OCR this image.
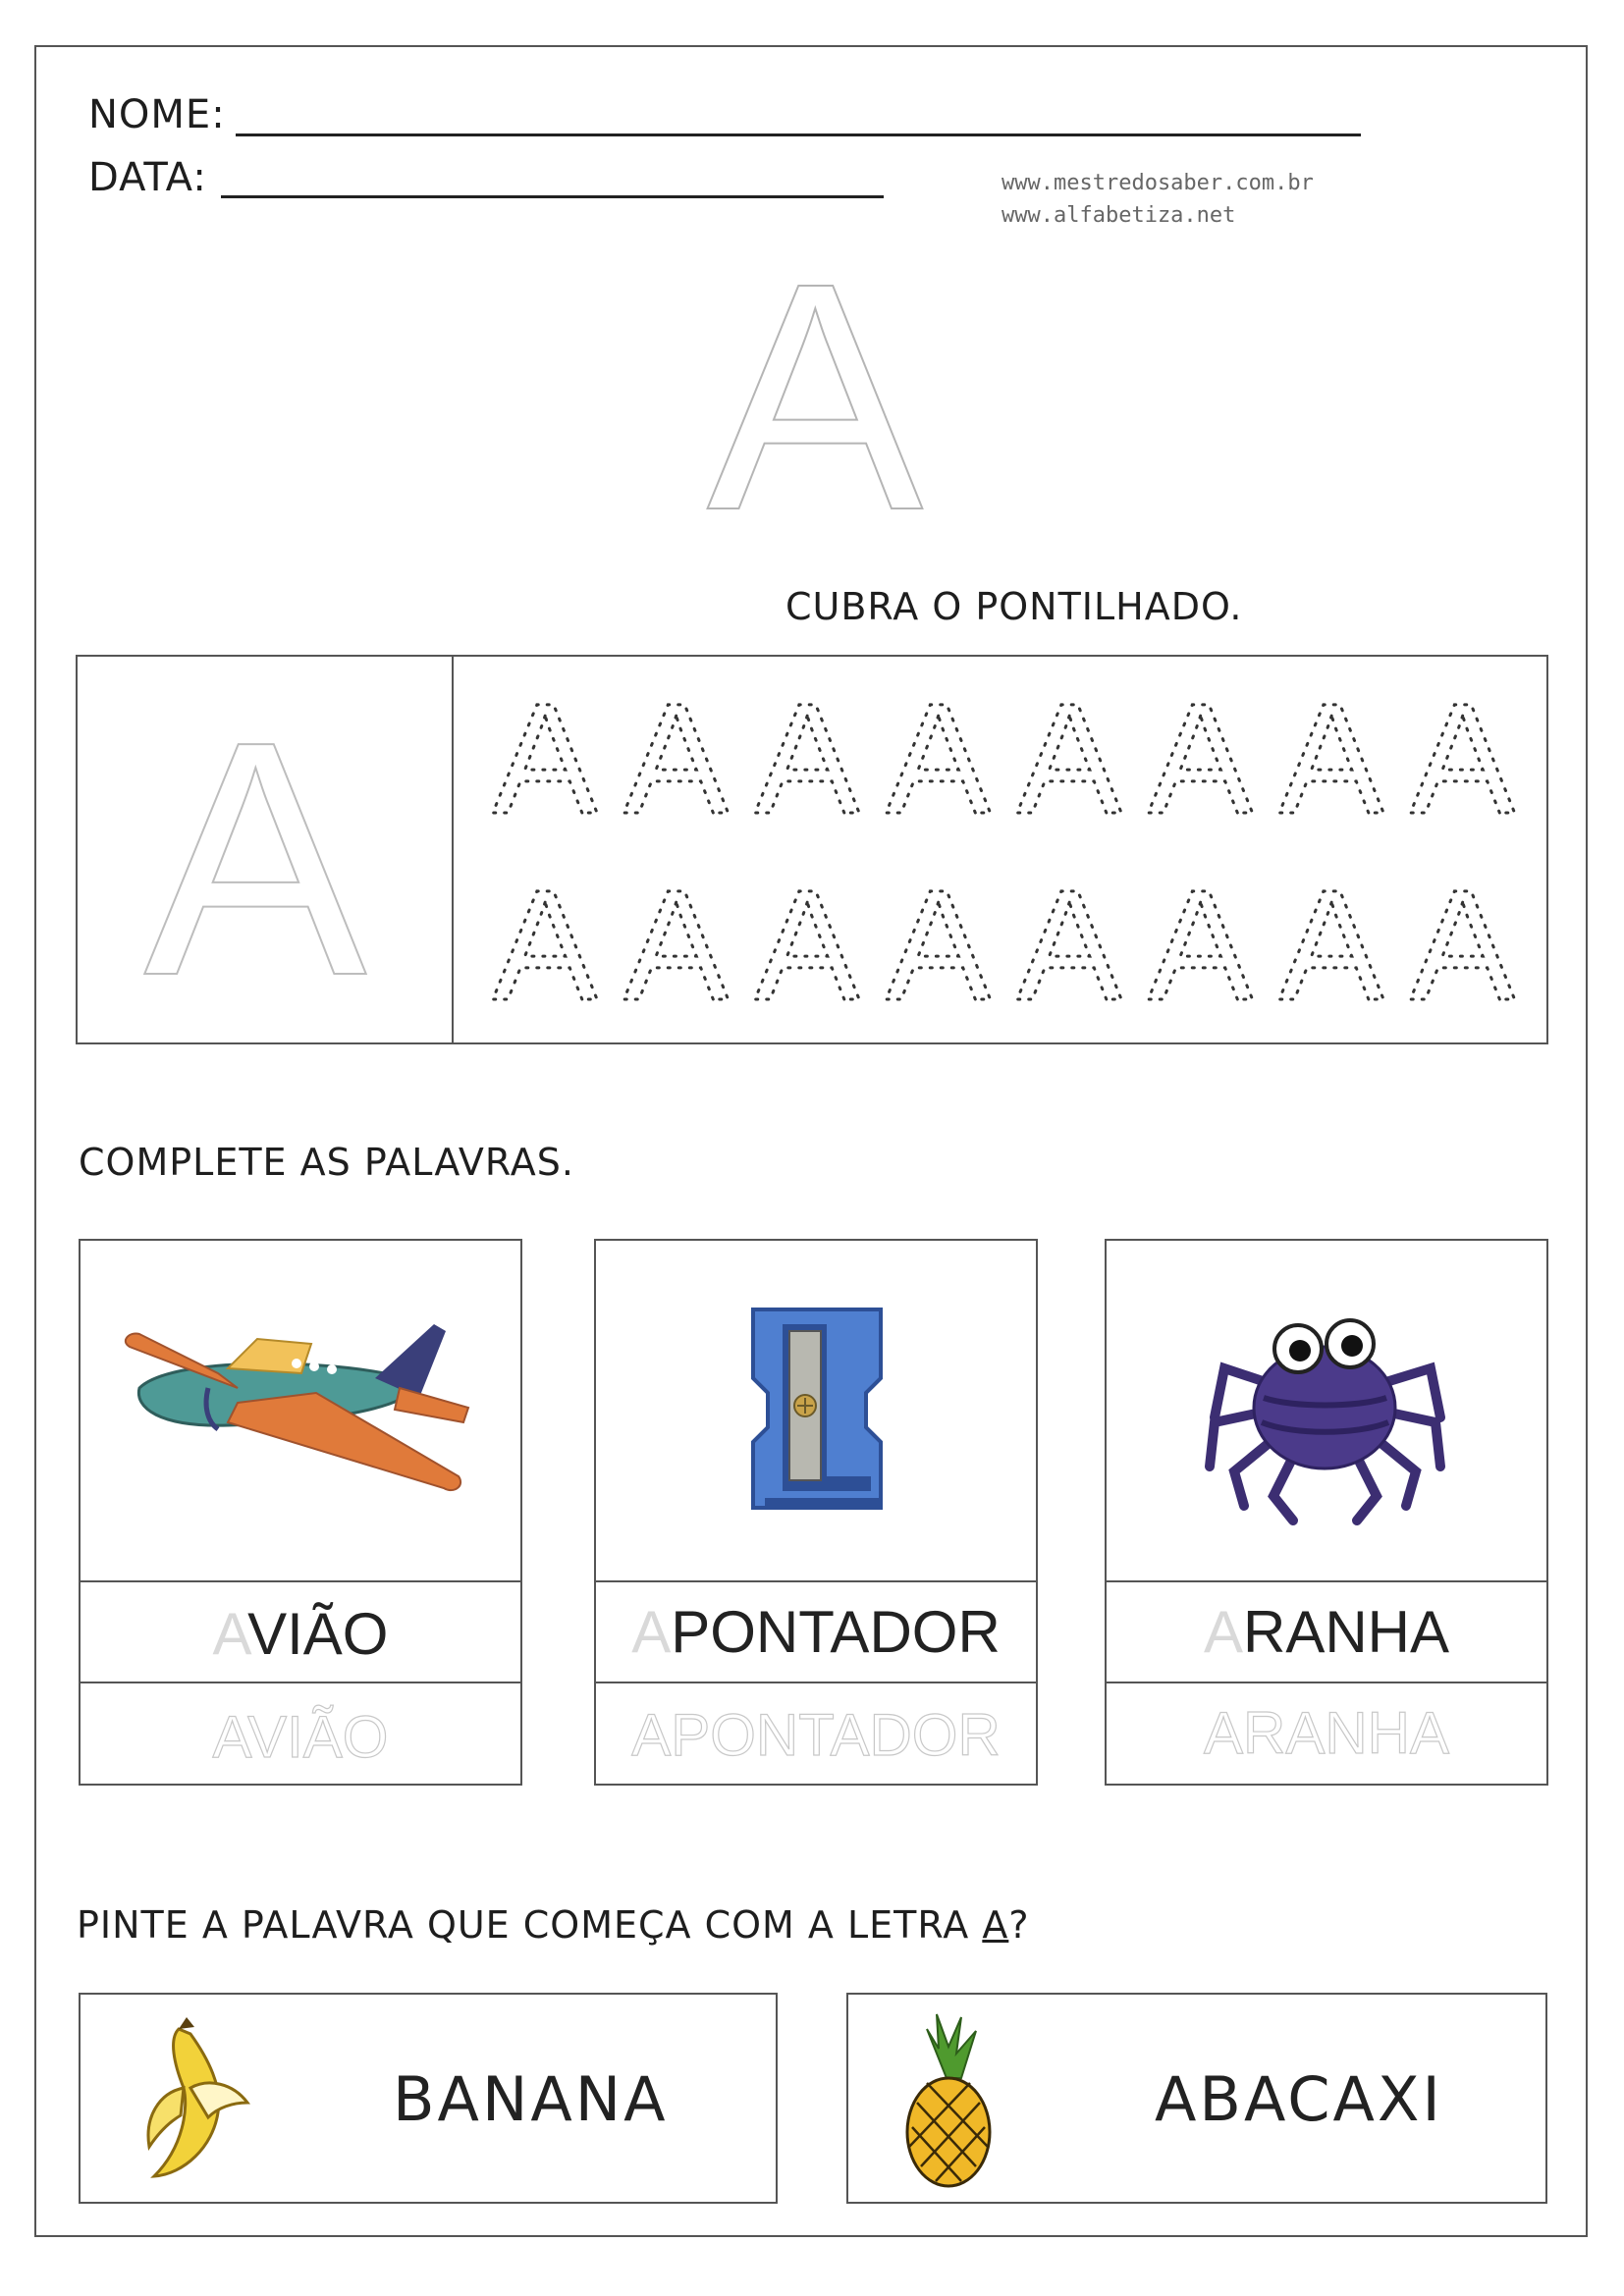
NOME:
DATA:	www.mestredosaber.com.br
www.alfabetiza.net
A
CUBRA O PONTILHADO.
A A A A A A A A A
A A A A A A A A
COMPLETE AS PALAVRAS.
AVIÃO
AVIÃO
APONTADOR
APONTADOR
ARANHA
ARANHA
PINTE A PALAVRA QUE COMEÇA COM A LETRA A?
BANANA	ABACAXI
